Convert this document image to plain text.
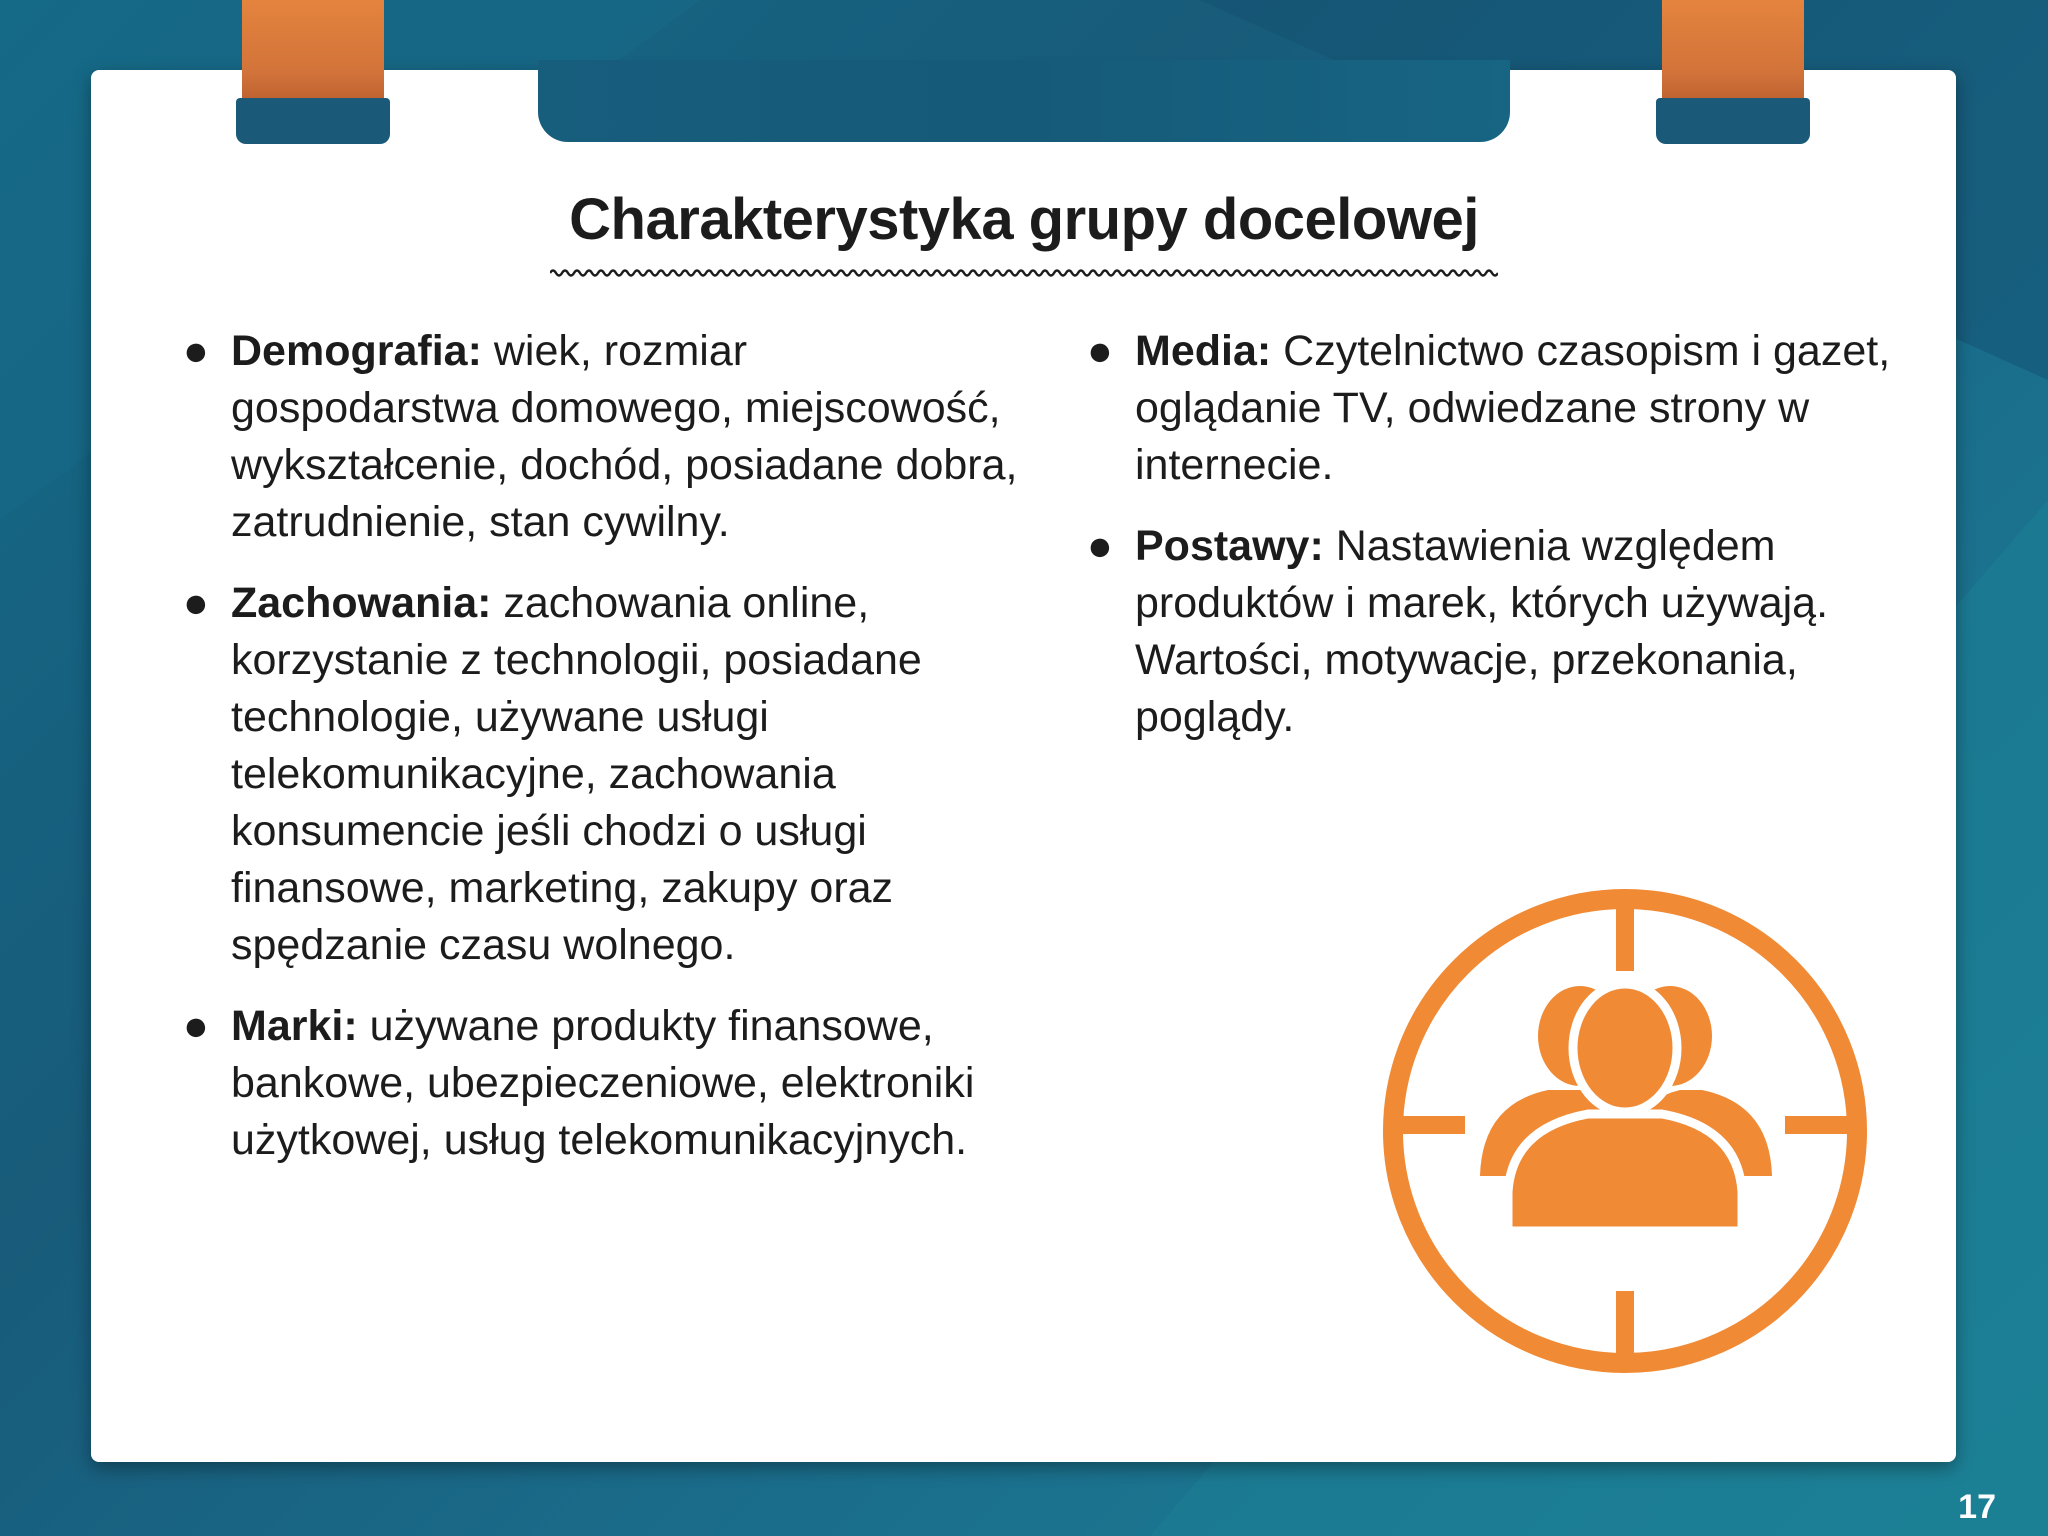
Charakterystyka grupy docelowej
● Demografia: wiek, rozmiar gospodarstwa domowego, miejscowość, wykształcenie, dochód, posiadane dobra, zatrudnienie, stan cywilny.
● Zachowania: zachowania online, korzystanie z technologii, posiadane technologie, używane usługi telekomunikacyjne, zachowania konsumencie jeśli chodzi o usługi finansowe, marketing, zakupy oraz spędzanie czasu wolnego.
● Marki: używane produkty finansowe, bankowe, ubezpieczeniowe, elektroniki użytkowej, usług telekomunikacyjnych.
● Media: Czytelnictwo czasopism i gazet, oglądanie TV, odwiedzane strony w internecie.
● Postawy: Nastawienia względem produktów i marek, których używają. Wartości, motywacje, przekonania, poglądy.
17
